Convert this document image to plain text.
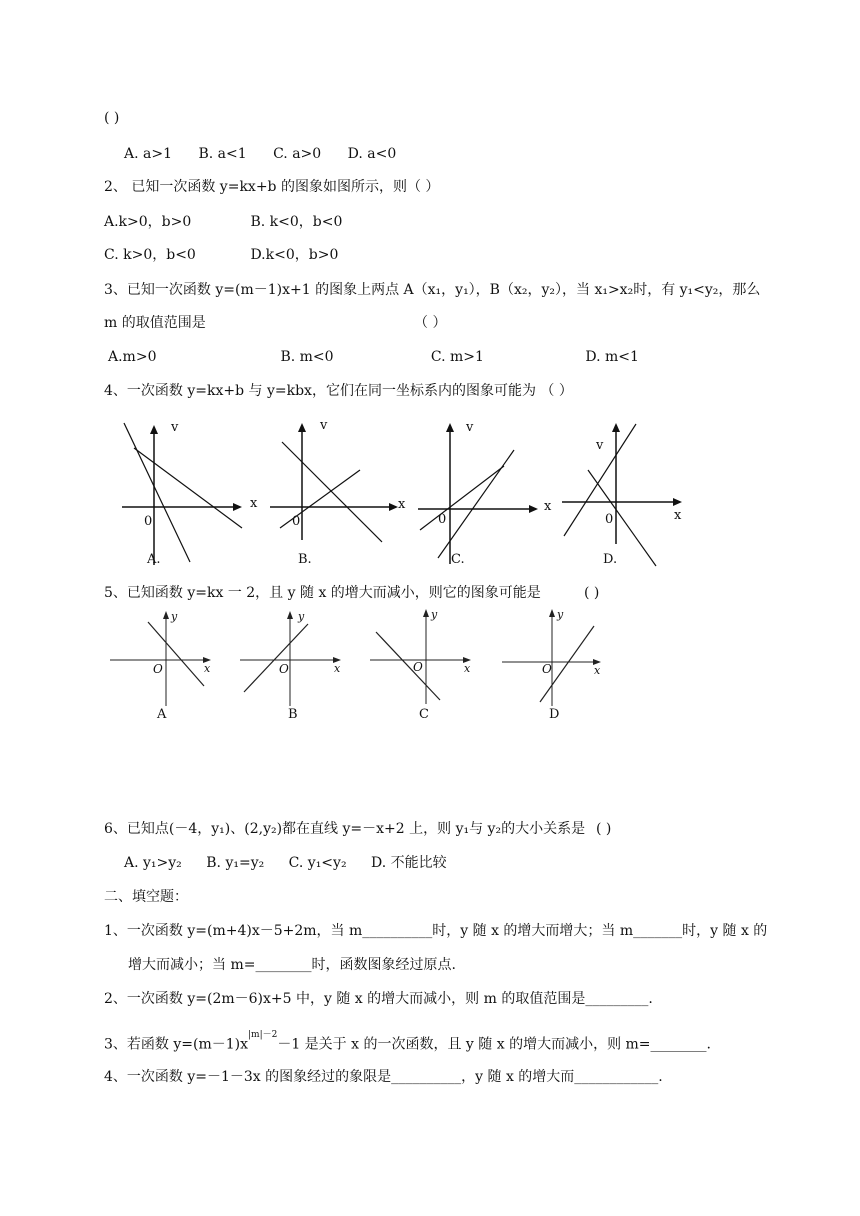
( )
A. a>1 B. a<1 C. a>0 D. a<0
2、 已知一次函数 y=kx+b 的图象如图所示，则（ ）
A.k>0，b>0	B. k<0，b<0
C. k>0，b<0	D.k<0，b>0
3、已知一次函数 y=(m－1)x+1 的图象上两点 A（x₁，y₁），B（x₂，y₂），当 x₁>x₂时，有 y₁<y₂，那么
m 的取值范围是	（ ）
A.m>0	B. m<0	C. m>1	D. m<1
4、一次函数 y=kx+b 与 y=kbx，它们在同一坐标系内的图象可能为 （ ）
v
x
0
A.
v
x
0
B.
v
x
0
C.
v
x
0
D.
5、已知函数 y=kx 一 2，且 y 随 x 的增大而减小，则它的图象可能是	( )
y
x
O
A
y
x
O
B
y
x
O
C
y
x
O
D
6、已知点(－4，y₁)、(2,y₂)都在直线 y=－x+2 上，则 y₁与 y₂的大小关系是 ( )
A. y₁>y₂ B. y₁=y₂ C. y₁<y₂ D. 不能比较
二、填空题：
1、一次函数 y=(m+4)x－5+2m，当 m__________时，y 随 x 的增大而增大；当 m_______时，y 随 x 的
增大而减小；当 m=________时，函数图象经过原点.
2、一次函数 y=(2m－6)x+5 中，y 随 x 的增大而减小，则 m 的取值范围是_________.
3、若函数 $y=(m-1)x^{|m|-2}-1$ 是关于 x 的一次函数，且 y 随 x 的增大而减小，则 m=________.
4、一次函数 y=－1－3x 的图象经过的象限是__________，y 随 x 的增大而____________.
